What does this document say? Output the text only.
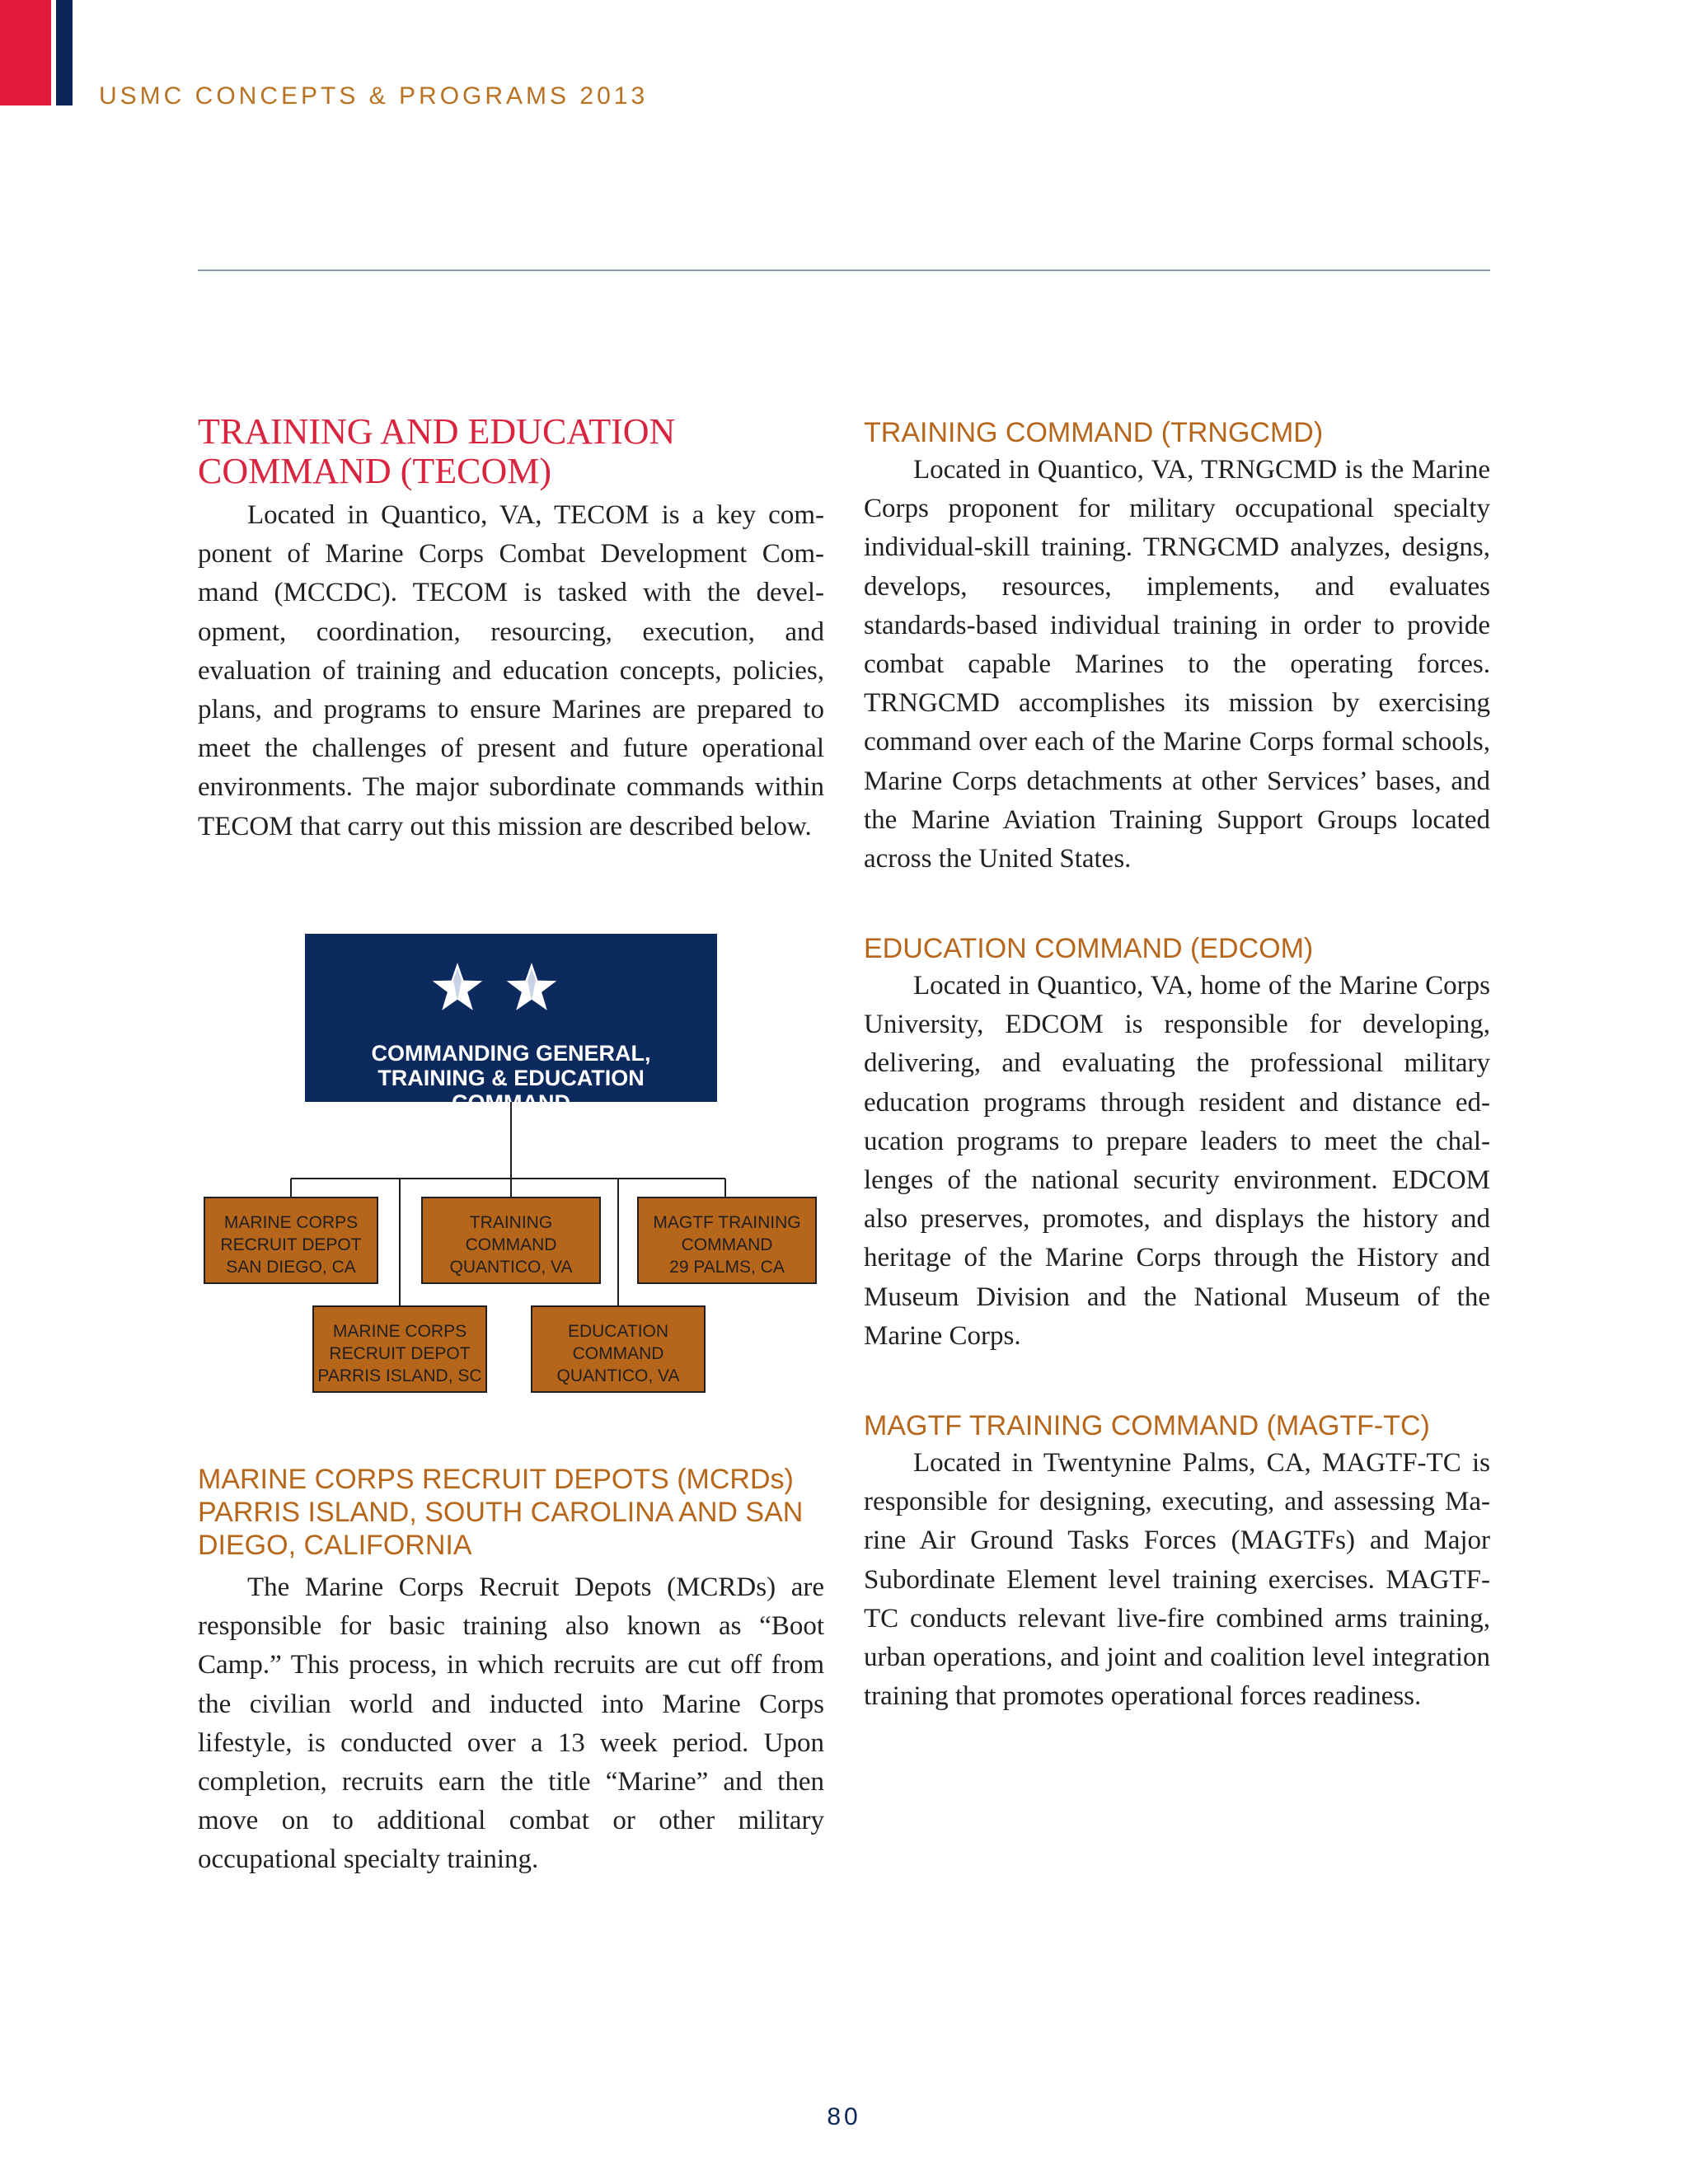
USMC CONCEPTS & PROGRAMS 2013
TRAINING AND EDUCATION COMMAND (TECOM)

Located in Quantico, VA, TECOM is a key component of Marine Corps Combat Development Command (MCCDC). TECOM is tasked with the development, coordination, resourcing, execution, and evaluation of training and education concepts, policies, plans, and programs to ensure Marines are prepared to meet the challenges of present and future operational environments. The major subordinate commands within TECOM that carry out this mission are described below.

COMMANDING GENERAL,
TRAINING & EDUCATION
COMMAND
MARINE CORPS
RECRUIT DEPOT
SAN DIEGO, CA
TRAINING
COMMAND
QUANTICO, VA
MAGTF TRAINING
COMMAND
29 PALMS, CA
MARINE CORPS
RECRUIT DEPOT
PARRIS ISLAND, SC
EDUCATION
COMMAND
QUANTICO, VA
MARINE CORPS RECRUIT DEPOTS (MCRDs) PARRIS ISLAND, SOUTH CAROLINA AND SAN DIEGO, CALIFORNIA

The Marine Corps Recruit Depots (MCRDs) are responsible for basic training also known as “Boot Camp.” This process, in which recruits are cut off from the civilian world and inducted into Marine Corps lifestyle, is conducted over a 13 week period. Upon completion, recruits earn the title “Marine” and then move on to additional combat or other military occupational specialty training.

TRAINING COMMAND (TRNGCMD)

Located in Quantico, VA, TRNGCMD is the Marine Corps proponent for military occupational specialty individual-skill training. TRNGCMD analyzes, designs, develops, resources, implements, and evaluates standards-based individual training in order to provide combat capable Marines to the operating forces. TRNGCMD accomplishes its mission by exercising command over each of the Marine Corps formal schools, Marine Corps detachments at other Services’ bases, and the Marine Aviation Training Support Groups located across the United States.

EDUCATION COMMAND (EDCOM)

Located in Quantico, VA, home of the Marine Corps University, EDCOM is responsible for developing, delivering, and evaluating the professional military education programs through resident and distance education programs to prepare leaders to meet the challenges of the national security environment. EDCOM also preserves, promotes, and displays the history and heritage of the Marine Corps through the History and Museum Division and the National Museum of the Marine Corps.

MAGTF TRAINING COMMAND (MAGTF-TC)

Located in Twentynine Palms, CA, MAGTF-TC is responsible for designing, executing, and assessing Marine Air Ground Tasks Forces (MAGTFs) and Major Subordinate Element level training exercises. MAGTF-TC conducts relevant live-fire combined arms training, urban operations, and joint and coalition level integration training that promotes operational forces readiness.

80
